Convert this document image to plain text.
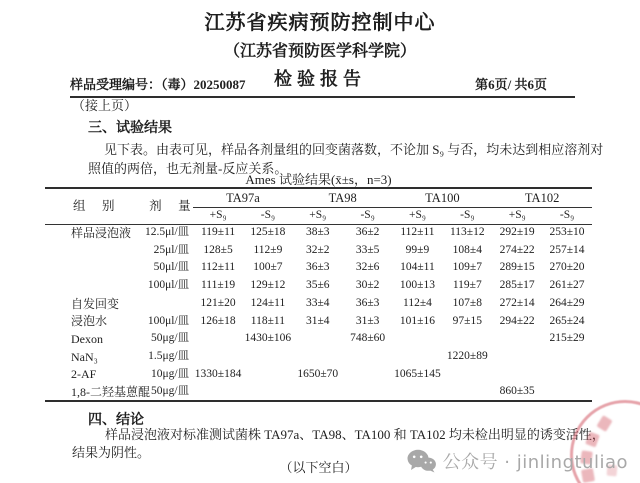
江苏省疾病预防控制中心
（江苏省预防医学科学院）
检验报告
样品受理编号：（毒）20250087	第6页/ 共6页
（接上页）
三、试验结果
见下表。由表可见，样品各剂量组的回变菌落数，不论加 S₉ 与否，均未达到相应溶剂对
照值的两倍，也无剂量-反应关系。
Ames 试验结果(x̄±s，n=3)
组　别	剂　量	TA97a		TA98		TA100		TA102	
		+S₉	-S₉	+S₉	-S₉	+S₉	-S₉	+S₉	-S₉
样品浸泡液	12.5μl/皿	119±11	125±18	38±3	36±2	112±11	113±12	292±19	253±10
	25μl/皿	128±5	112±9	32±2	33±5	99±9	108±4	274±22	257±14
	50μl/皿	112±11	100±7	36±3	32±6	104±11	109±7	289±15	270±20
	100μl/皿	111±19	129±12	35±6	30±2	100±13	119±7	285±17	261±27
自发回变		121±20	124±11	33±4	36±3	112±4	107±8	272±14	264±29
浸泡水	100μl/皿	126±18	118±11	31±4	31±3	101±16	97±15	294±22	265±24
Dexon	50μg/皿		1430±106		748±60				215±29
NaN₃	1.5μg/皿						1220±89		
2-AF	10μg/皿	1330±184		1650±70		1065±145			
1,8-二羟基蒽醌	50μg/皿							860±35	
四、结论
样品浸泡液对标准测试菌株 TA97a、TA98、TA100 和 TA102 均未检出明显的诱变活性，
结果为阴性。
（以下空白）	公众号 · jinlingtuliao
